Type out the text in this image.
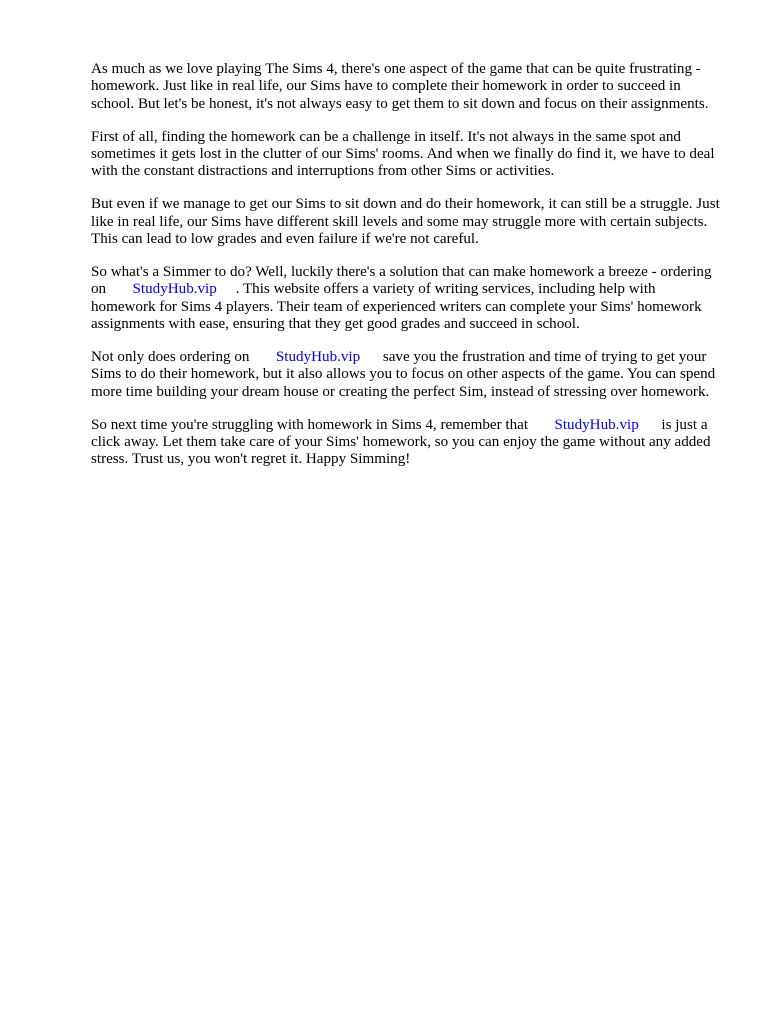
As much as we love playing The Sims 4, there's one aspect of the game that can be quite frustrating - homework. Just like in real life, our Sims have to complete their homework in order to succeed in school. But let's be honest, it's not always easy to get them to sit down and focus on their assignments.

First of all, finding the homework can be a challenge in itself. It's not always in the same spot and sometimes it gets lost in the clutter of our Sims' rooms. And when we finally do find it, we have to deal with the constant distractions and interruptions from other Sims or activities.

But even if we manage to get our Sims to sit down and do their homework, it can still be a struggle. Just like in real life, our Sims have different skill levels and some may struggle more with certain subjects. This can lead to low grades and even failure if we're not careful.

So what's a Simmer to do? Well, luckily there's a solution that can make homework a breeze - ordering on StudyHub.vip . This website offers a variety of writing services, including help with homework for Sims 4 players. Their team of experienced writers can complete your Sims' homework assignments with ease, ensuring that they get good grades and succeed in school.

Not only does ordering on StudyHub.vip save you the frustration and time of trying to get your Sims to do their homework, but it also allows you to focus on other aspects of the game. You can spend more time building your dream house or creating the perfect Sim, instead of stressing over homework.

So next time you're struggling with homework in Sims 4, remember that StudyHub.vip is just a click away. Let them take care of your Sims' homework, so you can enjoy the game without any added stress. Trust us, you won't regret it. Happy Simming!
